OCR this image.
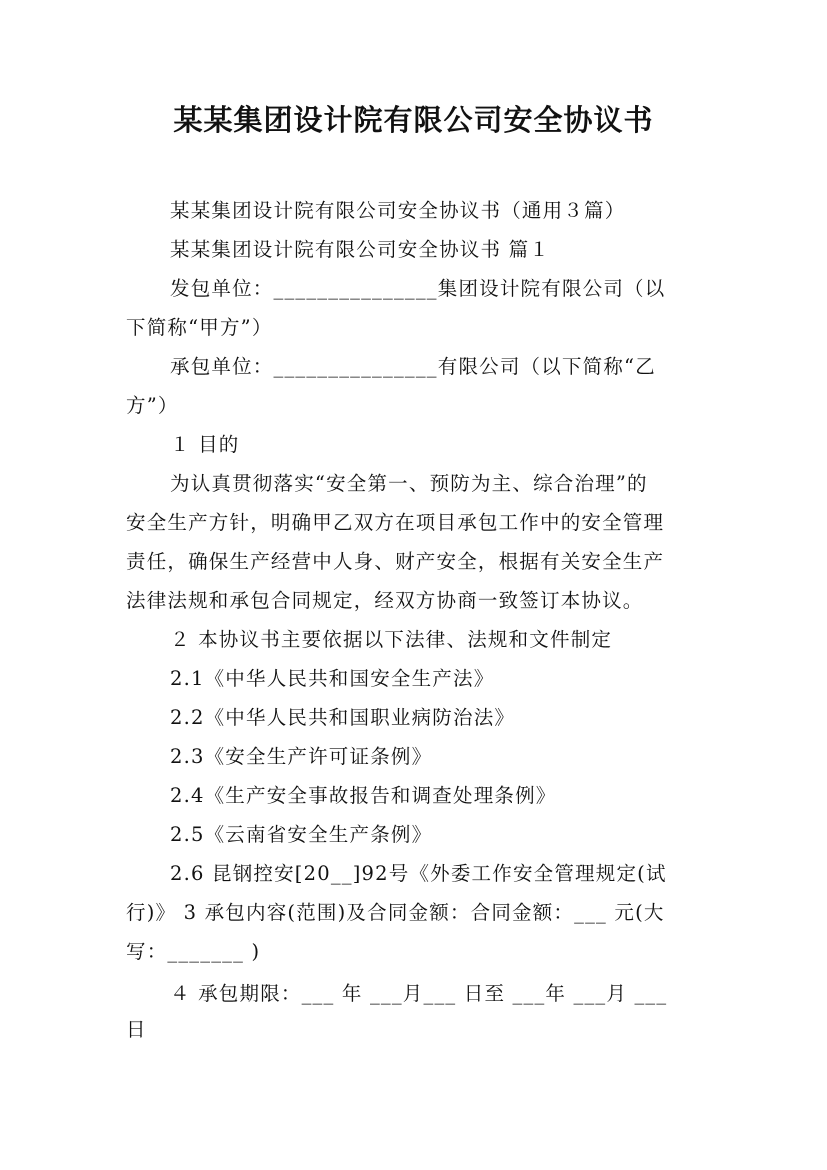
某某集团设计院有限公司安全协议书
某某集团设计院有限公司安全协议书（通用３篇）
某某集团设计院有限公司安全协议书 篇１
发包单位：_______________集团设计院有限公司（以
下简称“甲方”）
承包单位：_______________有限公司（以下简称“乙
方”）
１ 目的
为认真贯彻落实“安全第一、预防为主、综合治理”的
安全生产方针，明确甲乙双方在项目承包工作中的安全管理
责任，确保生产经营中人身、财产安全，根据有关安全生产
法律法规和承包合同规定，经双方协商一致签订本协议。
２ 本协议书主要依据以下法律、法规和文件制定
2.1《中华人民共和国安全生产法》
2.2《中华人民共和国职业病防治法》
2.3《安全生产许可证条例》
2.4《生产安全事故报告和调查处理条例》
2.5《云南省安全生产条例》
2.6 昆钢控安[20__]92号《外委工作安全管理规定(试
行)》 3 承包内容(范围)及合同金额：合同金额：___ 元(大
写：_______ )
４ 承包期限：___ 年 ___月___ 日至 ___年 ___月 ___
日
